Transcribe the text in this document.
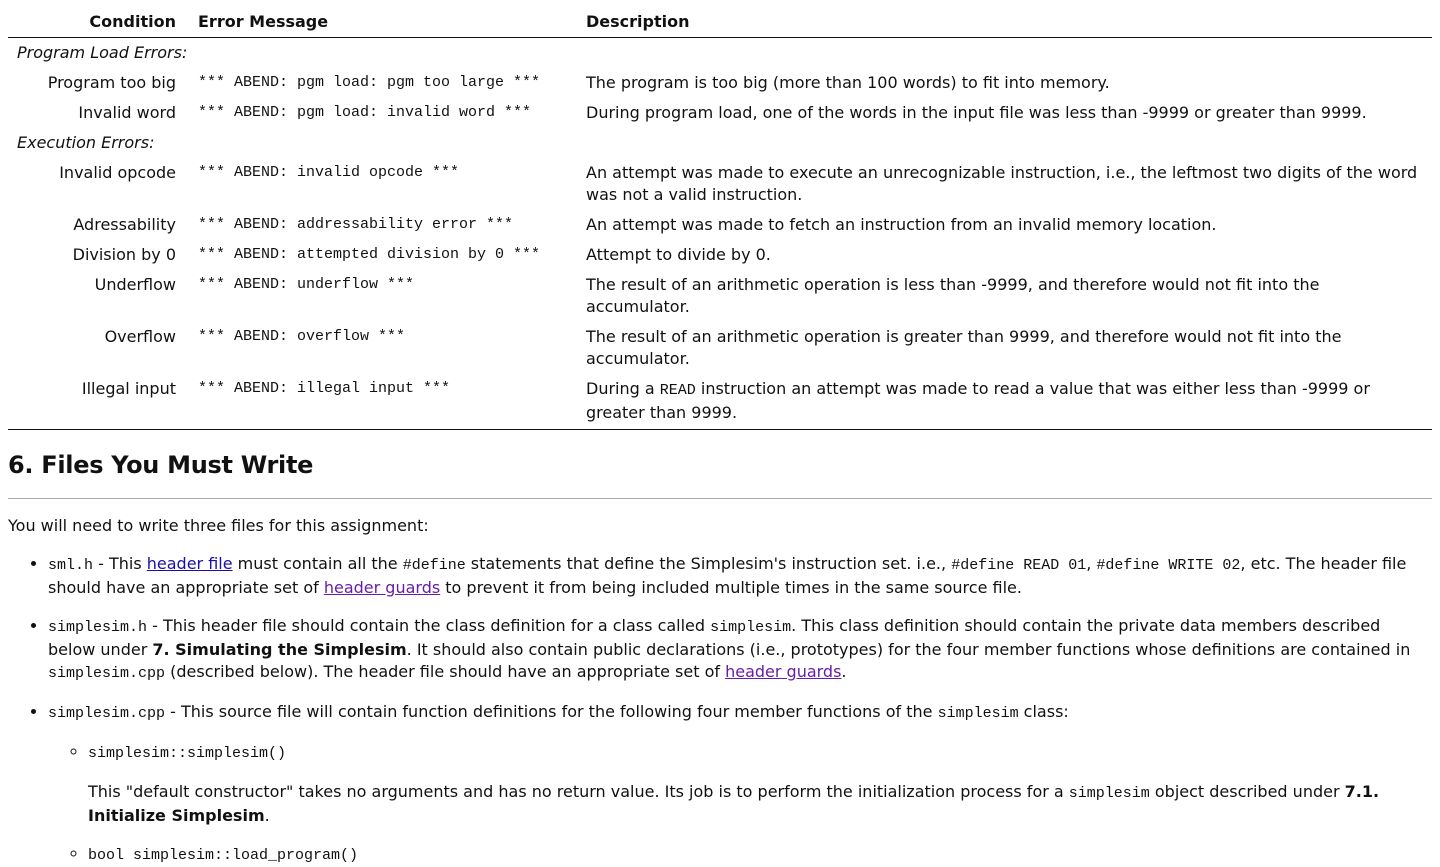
Condition	Error Message	Description
Program Load Errors:		
Program too big	*** ABEND: pgm load: pgm too large ***	The program is too big (more than 100 words) to fit into memory.
Invalid word	*** ABEND: pgm load: invalid word ***	During program load, one of the words in the input file was less than -9999 or greater than 9999.
Execution Errors:		
Invalid opcode	*** ABEND: invalid opcode ***	An attempt was made to execute an unrecognizable instruction, i.e., the leftmost two digits of the word was not a valid instruction.
Adressability	*** ABEND: addressability error ***	An attempt was made to fetch an instruction from an invalid memory location.
Division by 0	*** ABEND: attempted division by 0 ***	Attempt to divide by 0.
Underflow	*** ABEND: underflow ***	The result of an arithmetic operation is less than -9999, and therefore would not fit into the accumulator.
Overflow	*** ABEND: overflow ***	The result of an arithmetic operation is greater than 9999, and therefore would not fit into the accumulator.
Illegal input	*** ABEND: illegal input ***	During a READ instruction an attempt was made to read a value that was either less than -9999 or greater than 9999.
6. Files You Must Write

You will need to write three files for this assignment:

• sml.h - This header file must contain all the #define statements that define the Simplesim's instruction set. i.e., #define READ 01, #define WRITE 02, etc. The header file should have an appropriate set of header guards to prevent it from being included multiple times in the same source file.
• simplesim.h - This header file should contain the class definition for a class called simplesim. This class definition should contain the private data members described below under 7. Simulating the Simplesim. It should also contain public declarations (i.e., prototypes) for the four member functions whose definitions are contained in simplesim.cpp (described below). The header file should have an appropriate set of header guards.
• simplesim.cpp - This source file will contain function definitions for the following four member functions of the simplesim class:
◦ simplesim::simplesim()

This "default constructor" takes no arguments and has no return value. Its job is to perform the initialization process for a simplesim object described under 7.1. Initialize Simplesim.

◦ bool simplesim::load_program()
